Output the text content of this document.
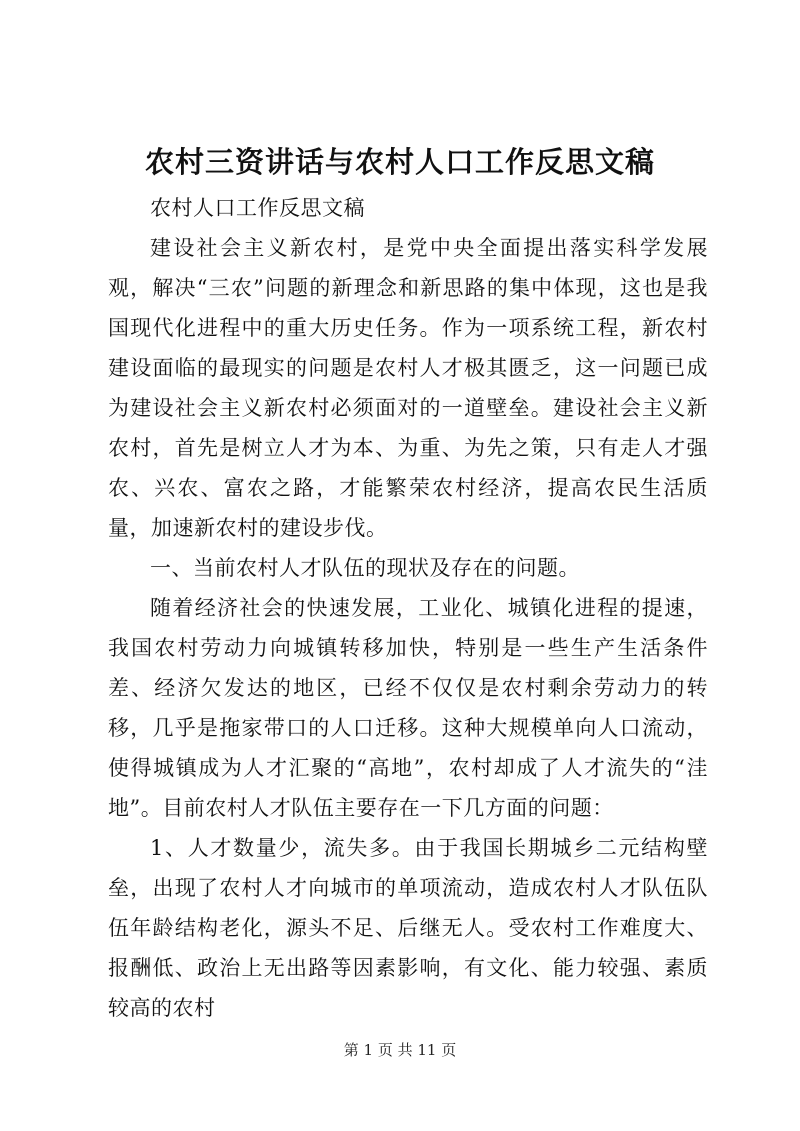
农村三资讲话与农村人口工作反思文稿

农村人口工作反思文稿

建设社会主义新农村，是党中央全面提出落实科学发展观，解决“三农”问题的新理念和新思路的集中体现，这也是我国现代化进程中的重大历史任务。作为一项系统工程，新农村建设面临的最现实的问题是农村人才极其匮乏，这一问题已成为建设社会主义新农村必须面对的一道壁垒。建设社会主义新农村，首先是树立人才为本、为重、为先之策，只有走人才强农、兴农、富农之路，才能繁荣农村经济，提高农民生活质量，加速新农村的建设步伐。

一、当前农村人才队伍的现状及存在的问题。

随着经济社会的快速发展，工业化、城镇化进程的提速，我国农村劳动力向城镇转移加快，特别是一些生产生活条件差、经济欠发达的地区，已经不仅仅是农村剩余劳动力的转移，几乎是拖家带口的人口迁移。这种大规模单向人口流动，使得城镇成为人才汇聚的“高地”，农村却成了人才流失的“洼地”。目前农村人才队伍主要存在一下几方面的问题：

1、人才数量少，流失多。由于我国长期城乡二元结构壁垒，出现了农村人才向城市的单项流动，造成农村人才队伍队伍年龄结构老化，源头不足、后继无人。受农村工作难度大、报酬低、政治上无出路等因素影响，有文化、能力较强、素质较高的农村

第 1 页 共 11 页
